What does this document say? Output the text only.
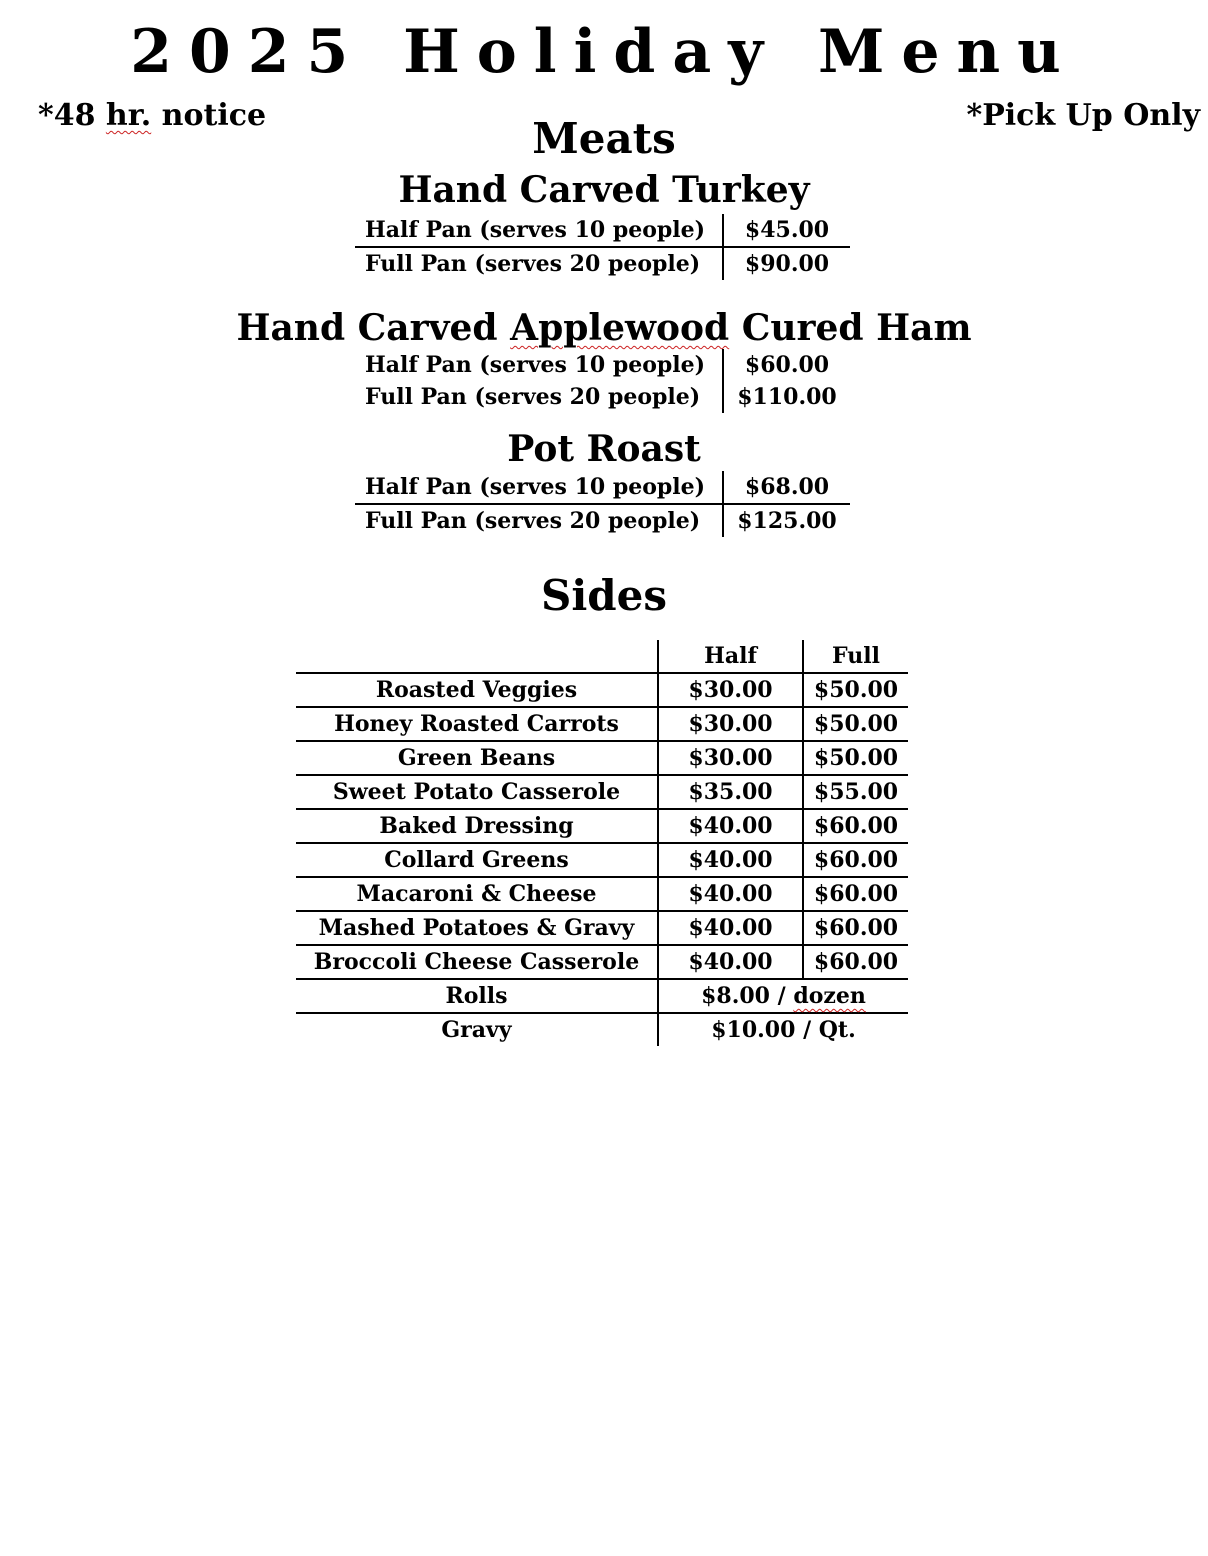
2025 Holiday Menu
*48 hr. notice	*Pick Up Only
Meats
Hand Carved Turkey
Half Pan (serves 10 people)	$45.00
Full Pan (serves 20 people)	$90.00
Hand Carved Applewood Cured Ham
Half Pan (serves 10 people)	$60.00
Full Pan (serves 20 people)	$110.00
Pot Roast
Half Pan (serves 10 people)	$68.00
Full Pan (serves 20 people)	$125.00
Sides
	Half	Full
Roasted Veggies	$30.00	$50.00
Honey Roasted Carrots	$30.00	$50.00
Green Beans	$30.00	$50.00
Sweet Potato Casserole	$35.00	$55.00
Baked Dressing	$40.00	$60.00
Collard Greens	$40.00	$60.00
Macaroni & Cheese	$40.00	$60.00
Mashed Potatoes & Gravy	$40.00	$60.00
Broccoli Cheese Casserole	$40.00	$60.00
Rolls	$8.00 / dozen	
Gravy	$10.00 / Qt.	
